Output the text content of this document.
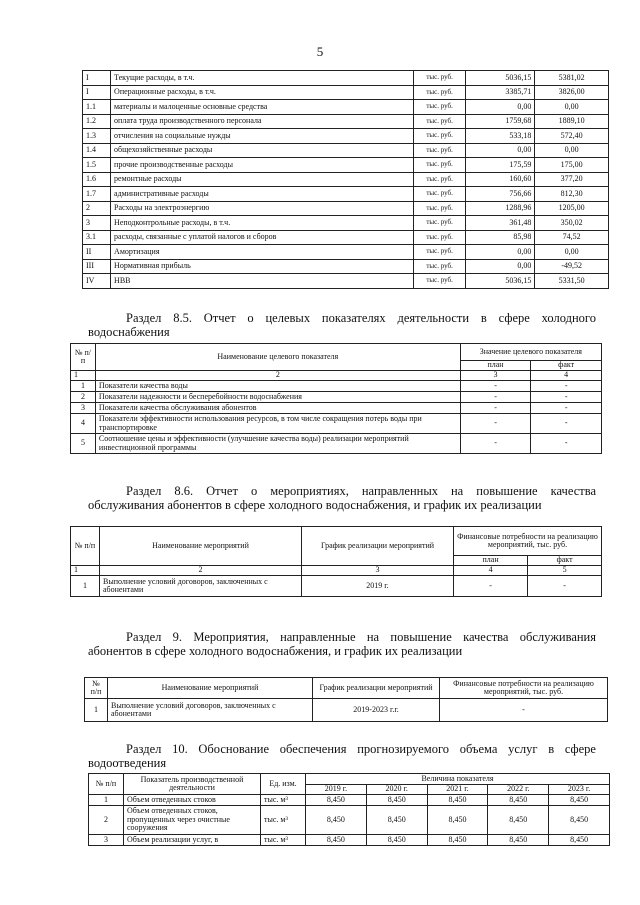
5
I	Текущие расходы, в т.ч.	тыс. руб.	5036,15	5381,02
I	Операционные расходы, в т.ч.	тыс. руб.	3385,71	3826,00
1.1	материалы и малоценные основные средства	тыс. руб.	0,00	0,00
1.2	оплата труда производственного персонала	тыс. руб.	1759,68	1889,10
1.3	отчисления на социальные нужды	тыс. руб.	533,18	572,40
1.4	общехозяйственные расходы	тыс. руб.	0,00	0,00
1.5	прочие производственные расходы	тыс. руб.	175,59	175,00
1.6	ремонтные расходы	тыс. руб.	160,60	377,20
1.7	административные расходы	тыс. руб.	756,66	812,30
2	Расходы на электроэнергию	тыс. руб.	1288,96	1205,00
3	Неподконтрольные расходы, в т.ч.	тыс. руб.	361,48	350,02
3.1	расходы, связанные с уплатой налогов и сборов	тыс. руб.	85,98	74,52
II	Амортизация	тыс. руб.	0,00	0,00
III	Нормативная прибыль	тыс. руб.	0,00	-49,52
IV	НВВ	тыс. руб.	5036,15	5331,50
Раздел 8.5. Отчет о целевых показателях деятельности в сфере холодного водоснабжения
№ п/п	Наименование целевого показателя	Значение целевого показателя	
		план	факт
1	2	3	4
1	Показатели качества воды	-	-
2	Показатели надежности и бесперебойности водоснабжения	-	-
3	Показатели качества обслуживания абонентов	-	-
4	Показатели эффективности использования ресурсов, в том числе сокращения потерь воды при транспортировке	-	-
5	Соотношение цены и эффективности (улучшение качества воды) реализации мероприятий инвестиционной программы	-	-
Раздел 8.6. Отчет о мероприятиях, направленных на повышение качества обслуживания абонентов в сфере холодного водоснабжения, и график их реализации
№ п/п	Наименование мероприятий	График реализации мероприятий	Финансовые потребности на реализацию мероприятий, тыс. руб.	
			план	факт
1	2	3	4	5
1	Выполнение условий договоров, заключенных с абонентами	2019 г.	-	-
Раздел 9. Мероприятия, направленные на повышение качества обслуживания абонентов в сфере холодного водоснабжения, и график их реализации
№ п/п	Наименование мероприятий	График реализации мероприятий	Финансовые потребности на реализацию мероприятий, тыс. руб.
1	Выполнение условий договоров, заключенных с абонентами	2019-2023 г.г.	-
Раздел 10. Обоснование обеспечения прогнозируемого объема услуг в сфере водоотведения
№ п/п	Показатель производственной деятельности	Ед. изм.	Величина показателя				
			2019 г.	2020 г.	2021 г.	2022 г.	2023 г.
1	Объем отведенных стоков	тыс. м³	8,450	8,450	8,450	8,450	8,450
2	Объем отведенных стоков, пропущенных через очистные сооружения	тыс. м³	8,450	8,450	8,450	8,450	8,450
3	Объем реализации услуг, в	тыс. м³	8,450	8,450	8,450	8,450	8,450
